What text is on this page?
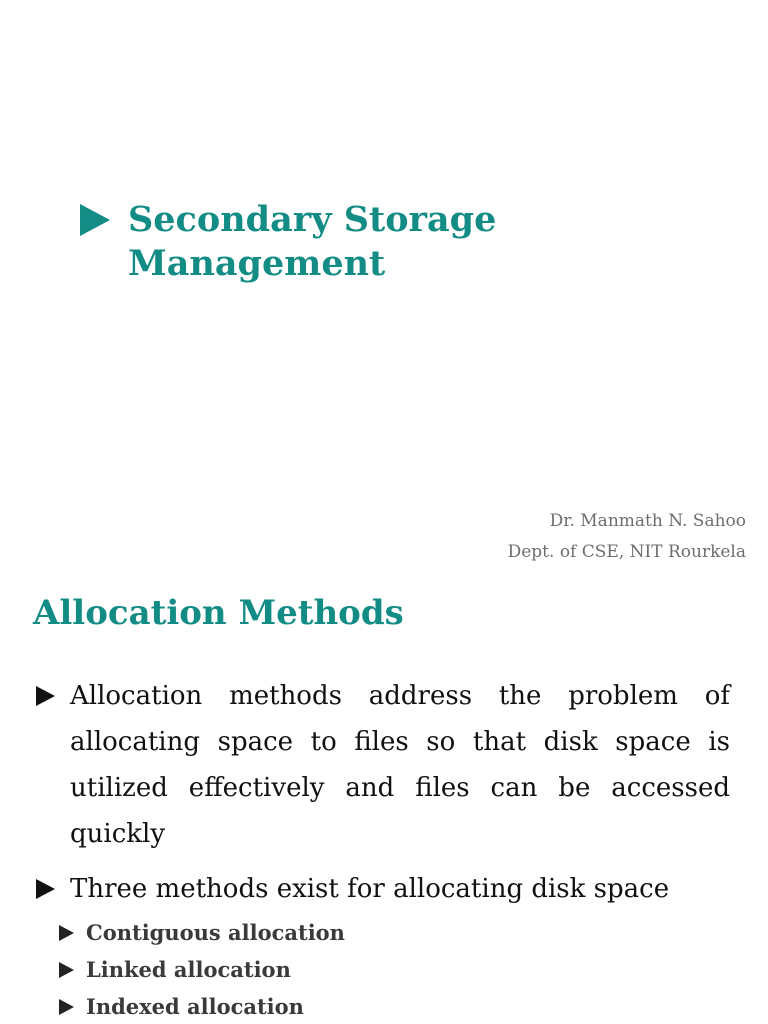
Secondary Storage Management
Dr. Manmath N. Sahoo
Dept. of CSE, NIT Rourkela
Allocation Methods
Allocation methods address the problem of allocating space to files so that disk space is utilized effectively and files can be accessed quickly
Three methods exist for allocating disk space
Contiguous allocation
Linked allocation
Indexed allocation
